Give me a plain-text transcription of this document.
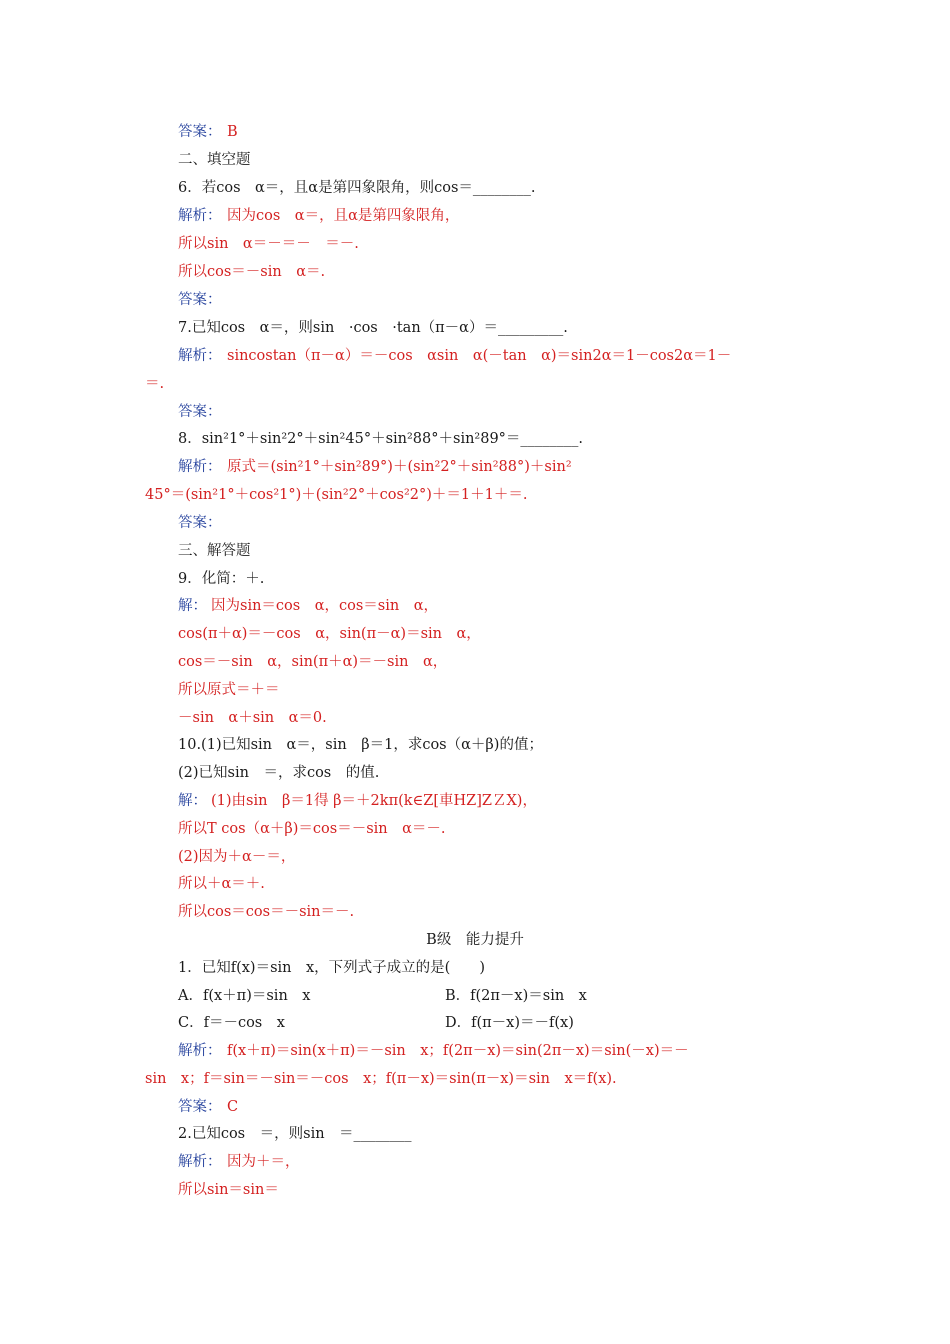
答案： B
二、填空题
6．若cos　α＝，且α是第四象限角，则cos＝________.
解析： 因为cos　α＝，且α是第四象限角，
所以sin　α＝－＝－　＝－.
所以cos＝－sin　α＝.
答案：
7.已知cos　α＝，则sin　·cos　·tan（π－α）＝_________.
解析： sincostan（π－α）＝－cos　αsin　α(－tan　α)＝sin2α＝1－cos2α＝1－
＝.
答案：
8．sin²1°＋sin²2°＋sin²45°＋sin²88°＋sin²89°＝________.
解析： 原式＝(sin²1°＋sin²89°)＋(sin²2°＋sin²88°)＋sin²
45°＝(sin²1°＋cos²1°)＋(sin²2°＋cos²2°)＋＝1＋1＋＝.
答案：
三、解答题
9．化简：＋.
解： 因为sin＝cos　α，cos＝sin　α，
cos(π＋α)＝－cos　α，sin(π－α)＝sin　α，
cos＝－sin　α，sin(π＋α)＝－sin　α，
所以原式＝＋＝
－sin　α＋sin　α＝0.
10.(1)已知sin　α＝，sin　β＝1，求cos（α＋β)的值；
(2)已知sin　＝，求cos　的值.
解： (1)由sin　β＝1得 β＝＋2kπ(k∈Z[車HZ]ZＺX)，
所以T cos（α＋β)＝cos＝－sin　α＝－.
(2)因为＋α－＝，
所以＋α＝＋.
所以cos＝cos＝－sin＝－.
B级　能力提升
1．已知f(x)＝sin　x，下列式子成立的是(　　)
A．f(x＋π)＝sin　x	B．f(2π－x)＝sin　x
C．f＝－cos　x	D．f(π－x)＝－f(x)
解析： f(x＋π)＝sin(x＋π)＝－sin　x；f(2π－x)＝sin(2π－x)＝sin(－x)＝－
sin　x；f＝sin＝－sin＝－cos　x；f(π－x)＝sin(π－x)＝sin　x＝f(x).
答案： C
2.已知cos　＝，则sin　＝________
解析： 因为＋＝，
所以sin＝sin＝
